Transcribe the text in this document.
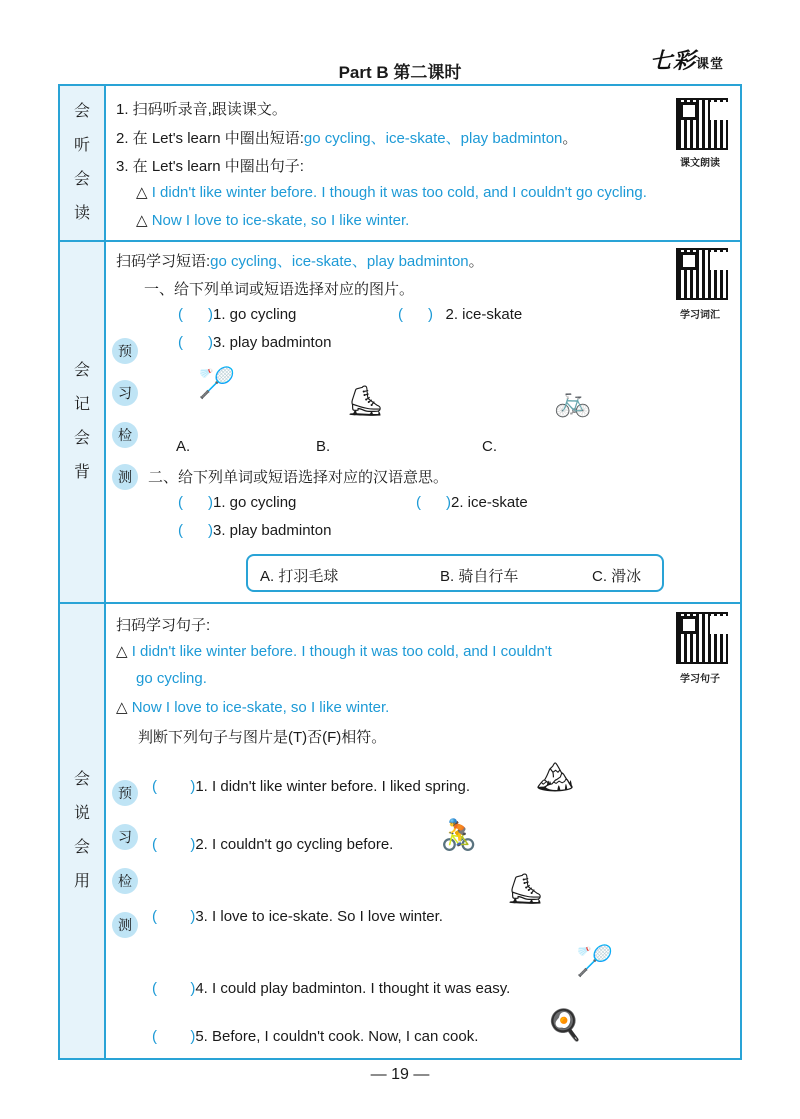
Part B 第二课时	七彩课堂
会
听
会
读
1. 扫码听录音,跟读课文。
2. 在 Let's learn 中圈出短语:go cycling、ice-skate、play badminton。
3. 在 Let's learn 中圈出句子:
△ I didn't like winter before. I though it was too cold, and I couldn't go cycling.
△ Now I love to ice-skate, so I like winter.
课文朗读
会
记
会
背
扫码学习短语:go cycling、ice-skate、play badminton。
学习词汇
一、给下列单词或短语选择对应的图片。
(      )1. go cycling	(      )   2. ice-skate
(      )3. play badminton
预
习
检
测
🏸
⛸	🚲
A.	B.	C.
二、给下列单词或短语选择对应的汉语意思。
(      )1. go cycling	(      )2. ice-skate
(      )3. play badminton
A. 打羽毛球	B. 骑自行车	C. 滑冰
会
说
会
用
扫码学习句子:
学习句子
△ I didn't like winter before. I though it was too cold, and I couldn't
go cycling.
△ Now I love to ice-skate, so I like winter.
判断下列句子与图片是(T)否(F)相符。
预
习
检
测
(        )1. I didn't like winter before. I liked spring. 🏔
(        )2. I couldn't go cycling before. 🚴
(        )3. I love to ice-skate. So I love winter.
⛸
(        )4. I could play badminton. I thought it was easy.
🏸
(        )5. Before, I couldn't cook. Now, I can cook. 🍳
— 19 —
